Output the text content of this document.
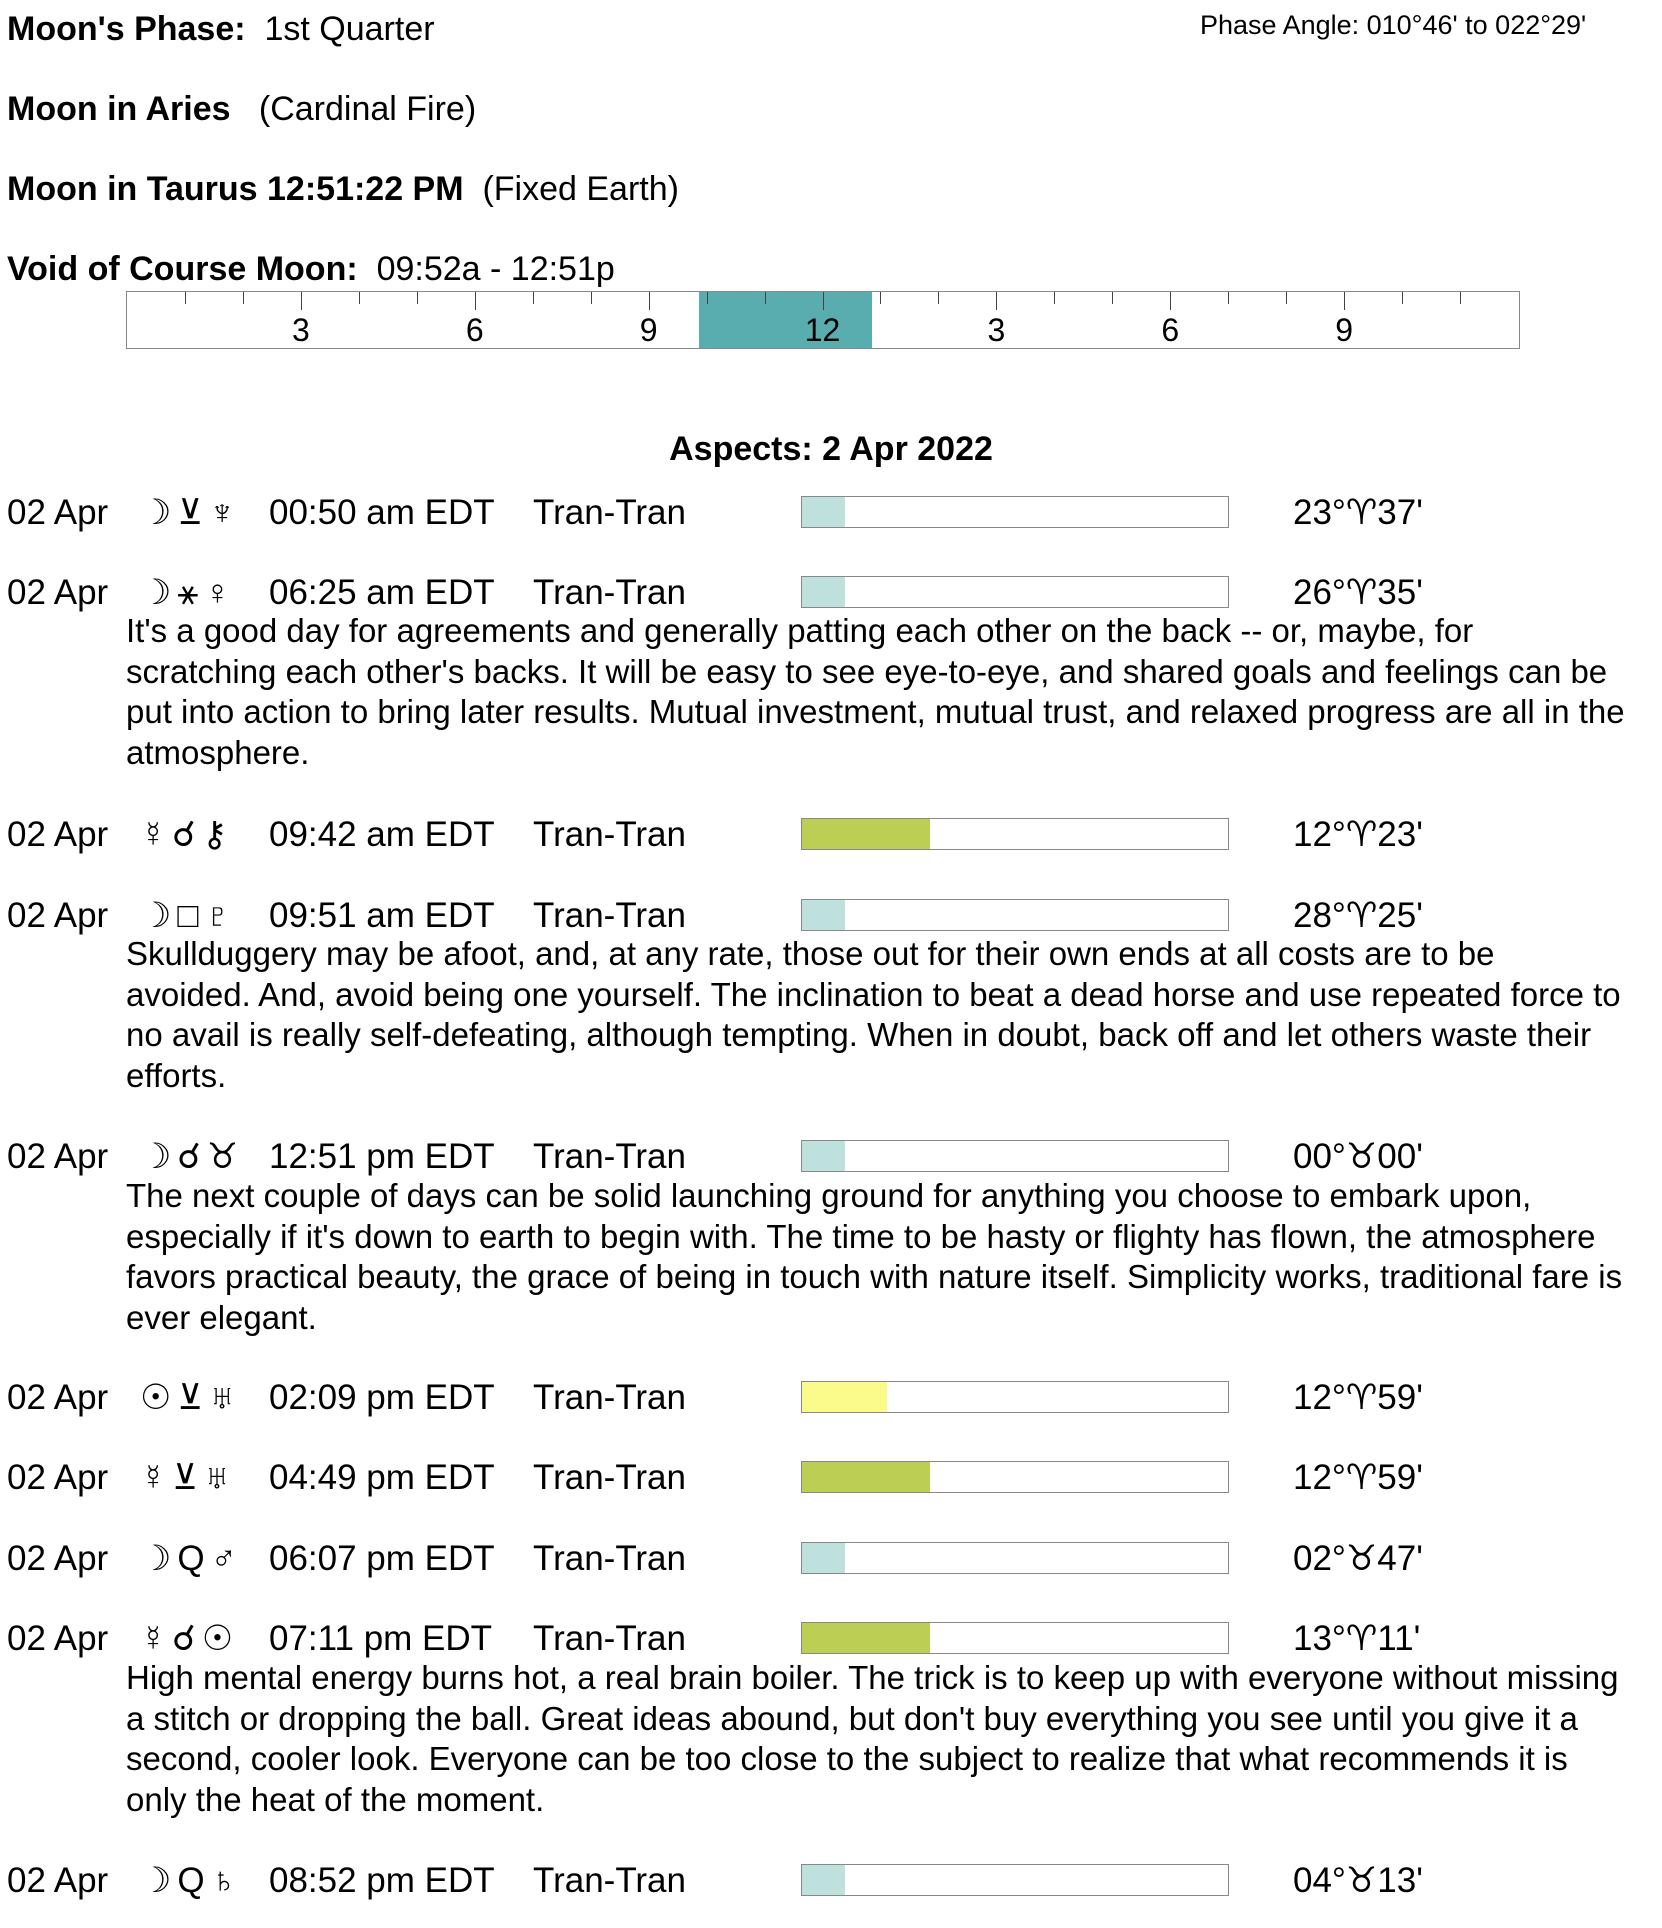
Moon's Phase: 1st Quarter	Phase Angle: 010°46' to 022°29'
Moon in Aries (Cardinal Fire)
Moon in Taurus 12:51:22 PM (Fixed Earth)
Void of Course Moon: 09:52a - 12:51p
3	6	9	12	3	6	9
Aspects: 2 Apr 2022
02 Apr ☽⊻♆ 00:50 am EDT Tran-Tran	23°♈37'
02 Apr ☽⚹♀ 06:25 am EDT Tran-Tran	26°♈35'

It's a good day for agreements and generally patting each other on the back -- or, maybe, for scratching each other's backs. It will be easy to see eye-to-eye, and shared goals and feelings can be put into action to bring later results. Mutual investment, mutual trust, and relaxed progress are all in the atmosphere.

02 Apr ☿☌⚷ 09:42 am EDT Tran-Tran	12°♈23'
02 Apr ☽□♇ 09:51 am EDT Tran-Tran	28°♈25'

Skullduggery may be afoot, and, at any rate, those out for their own ends at all costs are to be avoided. And, avoid being one yourself. The inclination to beat a dead horse and use repeated force to no avail is really self-defeating, although tempting. When in doubt, back off and let others waste their efforts.

02 Apr ☽☌♉ 12:51 pm EDT Tran-Tran	00°♉00'

The next couple of days can be solid launching ground for anything you choose to embark upon, especially if it's down to earth to begin with. The time to be hasty or flighty has flown, the atmosphere favors practical beauty, the grace of being in touch with nature itself. Simplicity works, traditional fare is ever elegant.

02 Apr ☉⊻♅ 02:09 pm EDT Tran-Tran	12°♈59'
02 Apr ☿⊻♅ 04:49 pm EDT Tran-Tran	12°♈59'
02 Apr ☽Q♂ 06:07 pm EDT Tran-Tran	02°♉47'
02 Apr ☿☌☉ 07:11 pm EDT Tran-Tran	13°♈11'

High mental energy burns hot, a real brain boiler. The trick is to keep up with everyone without missing a stitch or dropping the ball. Great ideas abound, but don't buy everything you see until you give it a second, cooler look. Everyone can be too close to the subject to realize that what recommends it is only the heat of the moment.

02 Apr ☽Q♄ 08:52 pm EDT Tran-Tran	04°♉13'
